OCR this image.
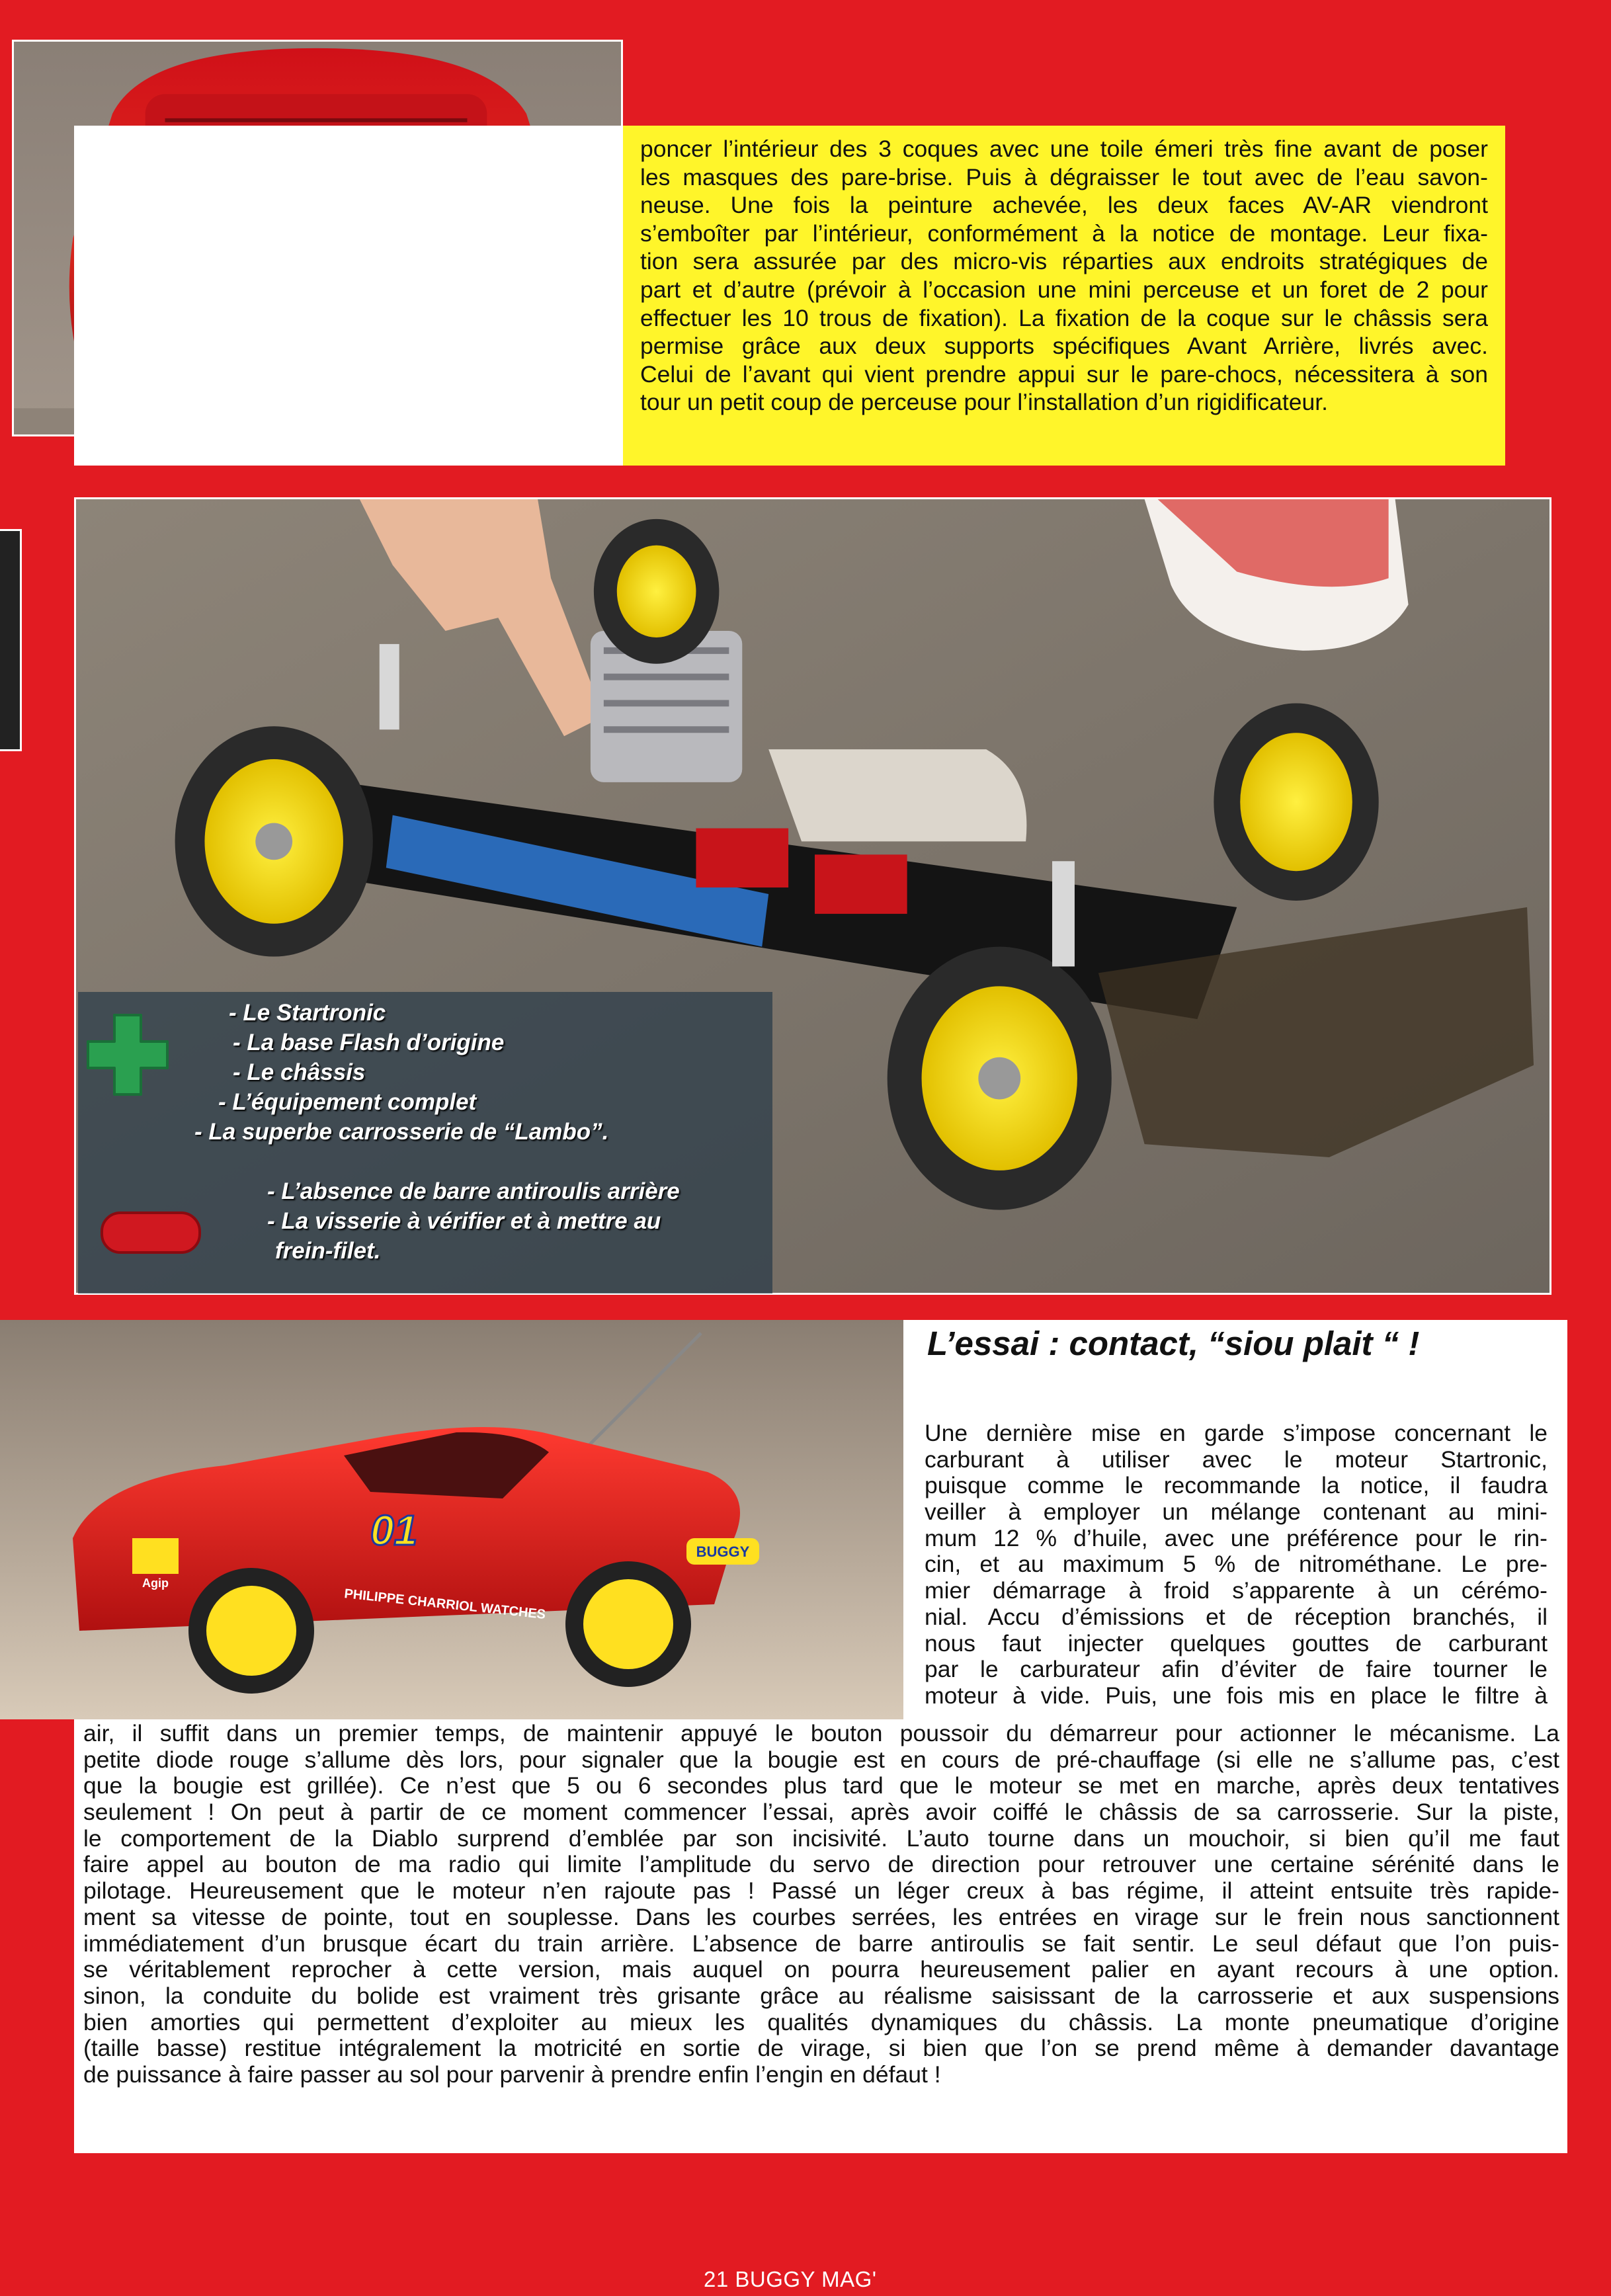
poncer l’intérieur des 3 coques avec une toile émeri très fine avant de poser
les masques des pare-brise. Puis à dégraisser le tout avec de l’eau savon-
neuse. Une fois la peinture achevée, les deux faces AV-AR viendront
s’emboîter par l’intérieur, conformément à la notice de montage. Leur fixa-
tion sera assurée par des micro-vis réparties aux endroits stratégiques de
part et d’autre (prévoir à l’occasion une mini perceuse et un foret de 2 pour
effectuer les 10 trous de fixation). La fixation de la coque sur le châssis sera
permise grâce aux deux supports spécifiques Avant Arrière, livrés avec.
Celui de l’avant qui vient prendre appui sur le pare-chocs, nécessitera à son
tour un petit coup de perceuse pour l’installation d’un rigidificateur.
- Le Startronic
- La base Flash d’origine
- Le châssis
- L’équipement complet
- La superbe carrosserie de “Lambo”.
- L’absence de barre antiroulis arrière
- La visserie à vérifier et à mettre au
frein-filet.
01
PHILIPPE CHARRIOL WATCHES
BUGGY
Agip
L’essai : contact, “siou plait “ !
Une dernière mise en garde s’impose concernant le
carburant à utiliser avec le moteur Startronic,
puisque comme le recommande la notice, il faudra
veiller à employer un mélange contenant au mini-
mum 12 % d’huile, avec une préférence pour le rin-
cin, et au maximum 5 % de nitrométhane. Le pre-
mier démarrage à froid s’apparente à un cérémo-
nial. Accu d’émissions et de réception branchés, il
nous faut injecter quelques gouttes de carburant
par le carburateur afin d’éviter de faire tourner le
moteur à vide. Puis, une fois mis en place le filtre à
air, il suffit dans un premier temps, de maintenir appuyé le bouton poussoir du démarreur pour actionner le mécanisme. La
petite diode rouge s’allume dès lors, pour signaler que la bougie est en cours de pré-chauffage (si elle ne s’allume pas, c’est
que la bougie est grillée). Ce n’est que 5 ou 6 secondes plus tard que le moteur se met en marche, après deux tentatives
seulement ! On peut à partir de ce moment commencer l’essai, après avoir coiffé le châssis de sa carrosserie. Sur la piste,
le comportement de la Diablo surprend d’emblée par son incisivité. L’auto tourne dans un mouchoir, si bien qu’il me faut
faire appel au bouton de ma radio qui limite l’amplitude du servo de direction pour retrouver une certaine sérénité dans le
pilotage. Heureusement que le moteur n’en rajoute pas ! Passé un léger creux à bas régime, il atteint entsuite très rapide-
ment sa vitesse de pointe, tout en souplesse. Dans les courbes serrées, les entrées en virage sur le frein nous sanctionnent
immédiatement d’un brusque écart du train arrière. L’absence de barre antiroulis se fait sentir. Le seul défaut que l’on puis-
se véritablement reprocher à cette version, mais auquel on pourra heureusement palier en ayant recours à une option.
sinon, la conduite du bolide est vraiment très grisante grâce au réalisme saisissant de la carrosserie et aux suspensions
bien amorties qui permettent d’exploiter au mieux les qualités dynamiques du châssis. La monte pneumatique d’origine
(taille basse) restitue intégralement la motricité en sortie de virage, si bien que l’on se prend même à demander davantage
de puissance à faire passer au sol pour parvenir à prendre enfin l’engin en défaut !
21 BUGGY MAG'
